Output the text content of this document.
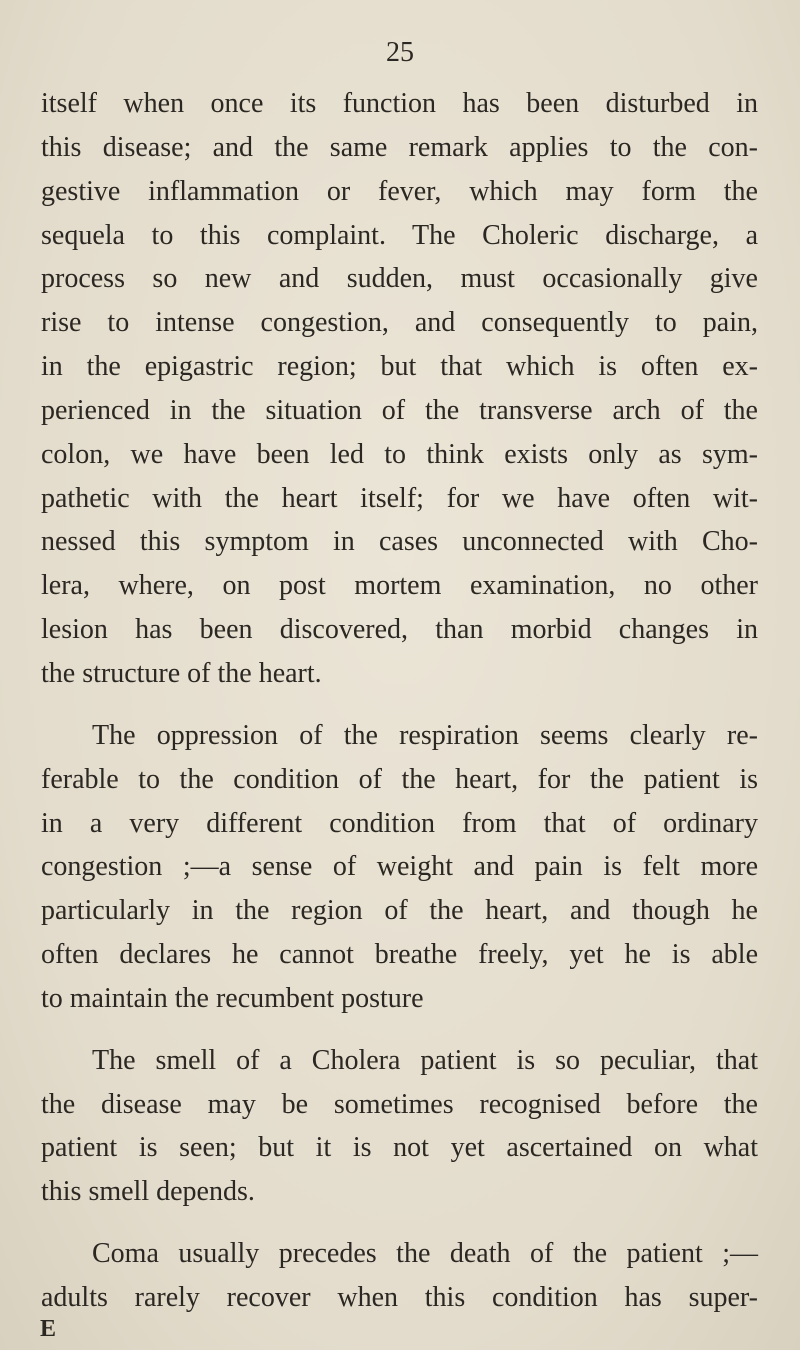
25
itself when once its function has been disturbed in
this disease; and the same remark applies to the con-
gestive inflammation or fever, which may form the
sequela to this complaint. The Choleric discharge, a
process so new and sudden, must occasionally give
rise to intense congestion, and consequently to pain,
in the epigastric region; but that which is often ex-
perienced in the situation of the transverse arch of the
colon, we have been led to think exists only as sym-
pathetic with the heart itself; for we have often wit-
nessed this symptom in cases unconnected with Cho-
lera, where, on post mortem examination, no other
lesion has been discovered, than morbid changes in
the structure of the heart.
The oppression of the respiration seems clearly re-
ferable to the condition of the heart, for the patient is
in a very different condition from that of ordinary
congestion ;—a sense of weight and pain is felt more
particularly in the region of the heart, and though he
often declares he cannot breathe freely, yet he is able
to maintain the recumbent posture
The smell of a Cholera patient is so peculiar, that
the disease may be sometimes recognised before the
patient is seen; but it is not yet ascertained on what
this smell depends.
Coma usually precedes the death of the patient ;—
adults rarely recover when this condition has super-
E
